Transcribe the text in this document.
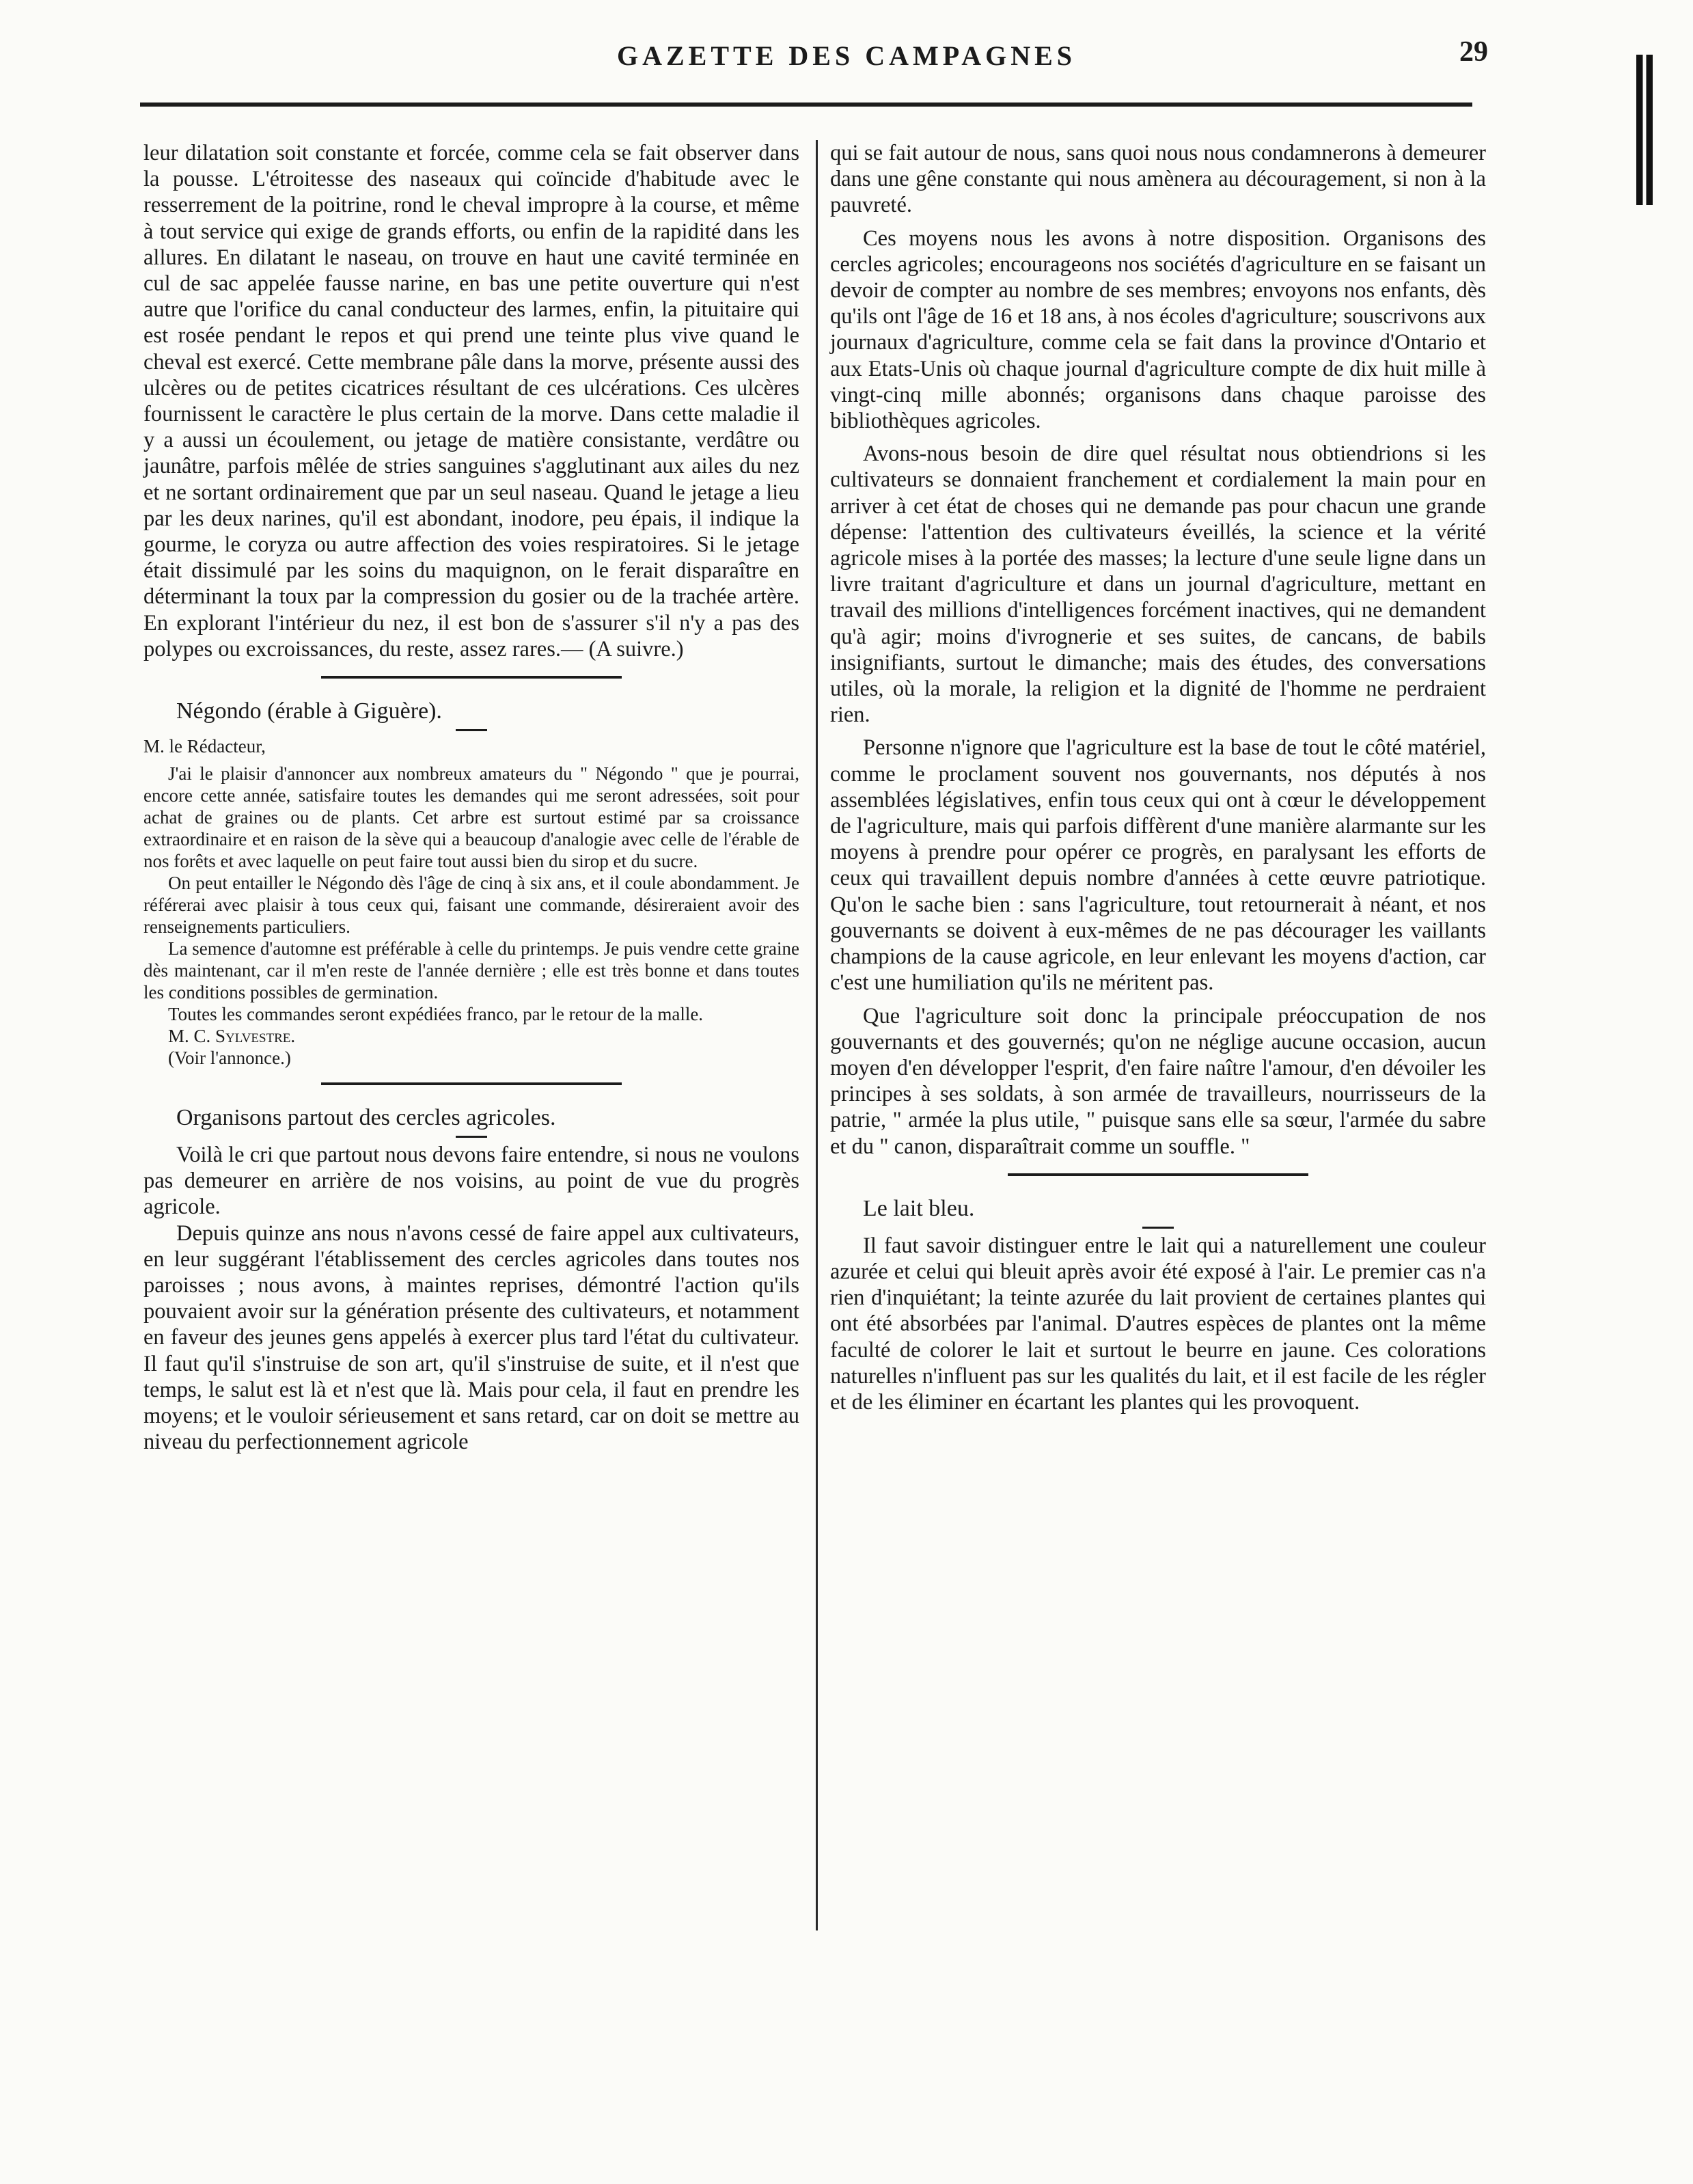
GAZETTE DES CAMPAGNES	29

leur dilatation soit constante et forcée, comme cela se fait observer dans la pousse. L'étroitesse des naseaux qui coïncide d'habitude avec le resserrement de la poitrine, rond le cheval impropre à la course, et même à tout service qui exige de grands efforts, ou enfin de la rapidité dans les allures. En dilatant le naseau, on trouve en haut une cavité terminée en cul de sac appelée fausse narine, en bas une petite ouverture qui n'est autre que l'orifice du canal conducteur des larmes, enfin, la pituitaire qui est rosée pendant le repos et qui prend une teinte plus vive quand le cheval est exercé. Cette membrane pâle dans la morve, présente aussi des ulcères ou de petites cicatrices résultant de ces ulcérations. Ces ulcères fournissent le caractère le plus certain de la morve. Dans cette maladie il y a aussi un écoulement, ou jetage de matière consistante, verdâtre ou jaunâtre, parfois mêlée de stries sanguines s'agglutinant aux ailes du nez et ne sortant ordinairement que par un seul naseau. Quand le jetage a lieu par les deux narines, qu'il est abondant, inodore, peu épais, il indique la gourme, le coryza ou autre affection des voies respiratoires. Si le jetage était dissimulé par les soins du maquignon, on le ferait disparaître en déterminant la toux par la compression du gosier ou de la trachée artère. En explorant l'intérieur du nez, il est bon de s'assurer s'il n'y a pas des polypes ou excroissances, du reste, assez rares.— (A suivre.)

Négondo (érable à Giguère).

M. le Rédacteur,

J'ai le plaisir d'annoncer aux nombreux amateurs du " Négondo " que je pourrai, encore cette année, satisfaire toutes les demandes qui me seront adressées, soit pour achat de graines ou de plants. Cet arbre est surtout estimé par sa croissance extraordinaire et en raison de la sève qui a beaucoup d'analogie avec celle de l'érable de nos forêts et avec laquelle on peut faire tout aussi bien du sirop et du sucre.

On peut entailler le Négondo dès l'âge de cinq à six ans, et il coule abondamment. Je référerai avec plaisir à tous ceux qui, faisant une commande, désireraient avoir des renseignements particuliers.

La semence d'automne est préférable à celle du printemps. Je puis vendre cette graine dès maintenant, car il m'en reste de l'année dernière ; elle est très bonne et dans toutes les conditions possibles de germination.

Toutes les commandes seront expédiées franco, par le retour de la malle.

M. C. Sylvestre.

(Voir l'annonce.)

Organisons partout des cercles agricoles.

Voilà le cri que partout nous devons faire entendre, si nous ne voulons pas demeurer en arrière de nos voisins, au point de vue du progrès agricole.

Depuis quinze ans nous n'avons cessé de faire appel aux cultivateurs, en leur suggérant l'établissement des cercles agricoles dans toutes nos paroisses ; nous avons, à maintes reprises, démontré l'action qu'ils pouvaient avoir sur la génération présente des cultivateurs, et notamment en faveur des jeunes gens appelés à exercer plus tard l'état du cultivateur. Il faut qu'il s'instruise de son art, qu'il s'instruise de suite, et il n'est que temps, le salut est là et n'est que là. Mais pour cela, il faut en prendre les moyens; et le vouloir sérieusement et sans retard, car on doit se mettre au niveau du perfectionnement agricole

qui se fait autour de nous, sans quoi nous nous condamnerons à demeurer dans une gêne constante qui nous amènera au découragement, si non à la pauvreté.

Ces moyens nous les avons à notre disposition. Organisons des cercles agricoles; encourageons nos sociétés d'agriculture en se faisant un devoir de compter au nombre de ses membres; envoyons nos enfants, dès qu'ils ont l'âge de 16 et 18 ans, à nos écoles d'agriculture; souscrivons aux journaux d'agriculture, comme cela se fait dans la province d'Ontario et aux Etats-Unis où chaque journal d'agriculture compte de dix huit mille à vingt-cinq mille abonnés; organisons dans chaque paroisse des bibliothèques agricoles.

Avons-nous besoin de dire quel résultat nous obtiendrions si les cultivateurs se donnaient franchement et cordialement la main pour en arriver à cet état de choses qui ne demande pas pour chacun une grande dépense: l'attention des cultivateurs éveillés, la science et la vérité agricole mises à la portée des masses; la lecture d'une seule ligne dans un livre traitant d'agriculture et dans un journal d'agriculture, mettant en travail des millions d'intelligences forcément inactives, qui ne demandent qu'à agir; moins d'ivrognerie et ses suites, de cancans, de babils insignifiants, surtout le dimanche; mais des études, des conversations utiles, où la morale, la religion et la dignité de l'homme ne perdraient rien.

Personne n'ignore que l'agriculture est la base de tout le côté matériel, comme le proclament souvent nos gouvernants, nos députés à nos assemblées législatives, enfin tous ceux qui ont à cœur le développement de l'agriculture, mais qui parfois diffèrent d'une manière alarmante sur les moyens à prendre pour opérer ce progrès, en paralysant les efforts de ceux qui travaillent depuis nombre d'années à cette œuvre patriotique. Qu'on le sache bien : sans l'agriculture, tout retournerait à néant, et nos gouvernants se doivent à eux-mêmes de ne pas décourager les vaillants champions de la cause agricole, en leur enlevant les moyens d'action, car c'est une humiliation qu'ils ne méritent pas.

Que l'agriculture soit donc la principale préoccupation de nos gouvernants et des gouvernés; qu'on ne néglige aucune occasion, aucun moyen d'en développer l'esprit, d'en faire naître l'amour, d'en dévoiler les principes à ses soldats, à son armée de travailleurs, nourrisseurs de la patrie, " armée la plus utile, " puisque sans elle sa sœur, l'armée du sabre et du " canon, disparaîtrait comme un souffle. "

Le lait bleu.

Il faut savoir distinguer entre le lait qui a naturellement une couleur azurée et celui qui bleuit après avoir été exposé à l'air. Le premier cas n'a rien d'inquiétant; la teinte azurée du lait provient de certaines plantes qui ont été absorbées par l'animal. D'autres espèces de plantes ont la même faculté de colorer le lait et surtout le beurre en jaune. Ces colorations naturelles n'influent pas sur les qualités du lait, et il est facile de les régler et de les éliminer en écartant les plantes qui les provoquent.
